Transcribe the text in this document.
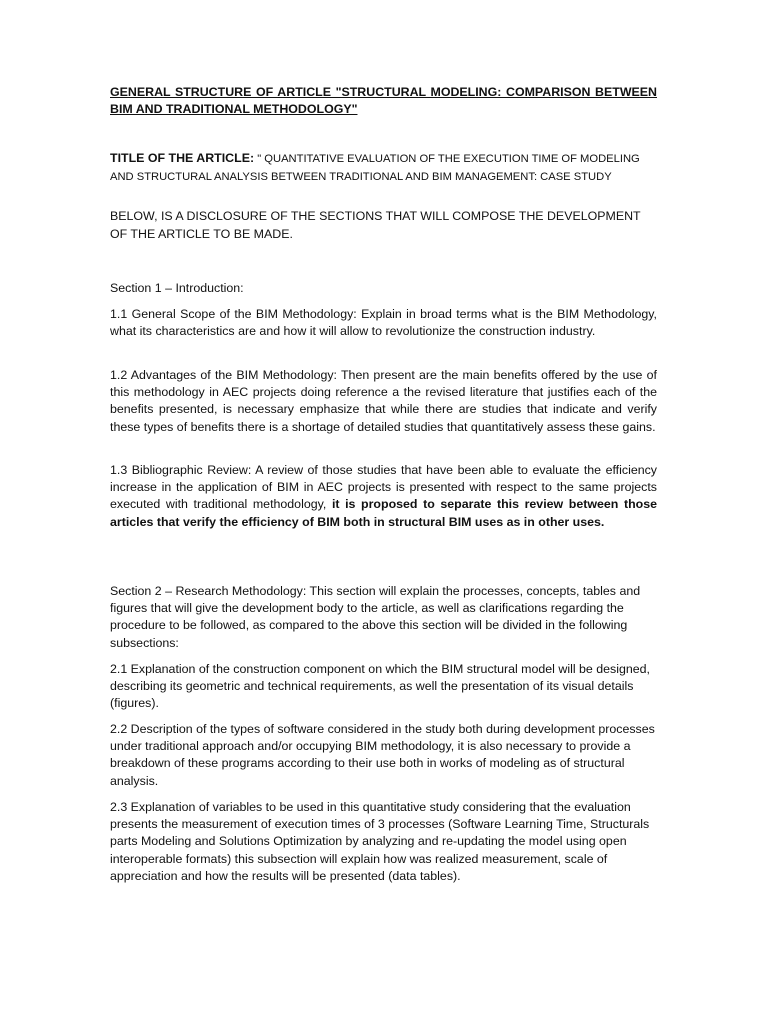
GENERAL STRUCTURE OF ARTICLE "STRUCTURAL MODELING: COMPARISON BETWEEN BIM AND TRADITIONAL METHODOLOGY"

TITLE OF THE ARTICLE: " QUANTITATIVE EVALUATION OF THE EXECUTION TIME OF MODELING AND STRUCTURAL ANALYSIS BETWEEN TRADITIONAL AND BIM MANAGEMENT: CASE STUDY

BELOW, IS A DISCLOSURE OF THE SECTIONS THAT WILL COMPOSE THE DEVELOPMENT OF THE ARTICLE TO BE MADE.

Section 1 – Introduction:

1.1 General Scope of the BIM Methodology: Explain in broad terms what is the BIM Methodology, what its characteristics are and how it will allow to revolutionize the construction industry.

1.2 Advantages of the BIM Methodology: Then present are the main benefits offered by the use of this methodology in AEC projects doing reference a the revised literature that justifies each of the benefits presented, is necessary emphasize that while there are studies that indicate and verify these types of benefits there is a shortage of detailed studies that quantitatively assess these gains.

1.3 Bibliographic Review: A review of those studies that have been able to evaluate the efficiency increase in the application of BIM in AEC projects is presented with respect to the same projects executed with traditional methodology, it is proposed to separate this review between those articles that verify the efficiency of BIM both in structural BIM uses as in other uses.

Section 2 – Research Methodology: This section will explain the processes, concepts, tables and figures that will give the development body to the article, as well as clarifications regarding the procedure to be followed, as compared to the above this section will be divided in the following subsections:

2.1 Explanation of the construction component on which the BIM structural model will be designed, describing its geometric and technical requirements, as well the presentation of its visual details (figures).

2.2 Description of the types of software considered in the study both during development processes under traditional approach and/or occupying BIM methodology, it is also necessary to provide a breakdown of these programs according to their use both in works of modeling as of structural analysis.

2.3 Explanation of variables to be used in this quantitative study considering that the evaluation presents the measurement of execution times of 3 processes (Software Learning Time, Structurals parts Modeling and Solutions Optimization by analyzing and re-updating the model using open interoperable formats) this subsection will explain how was realized measurement, scale of appreciation and how the results will be presented (data tables).
